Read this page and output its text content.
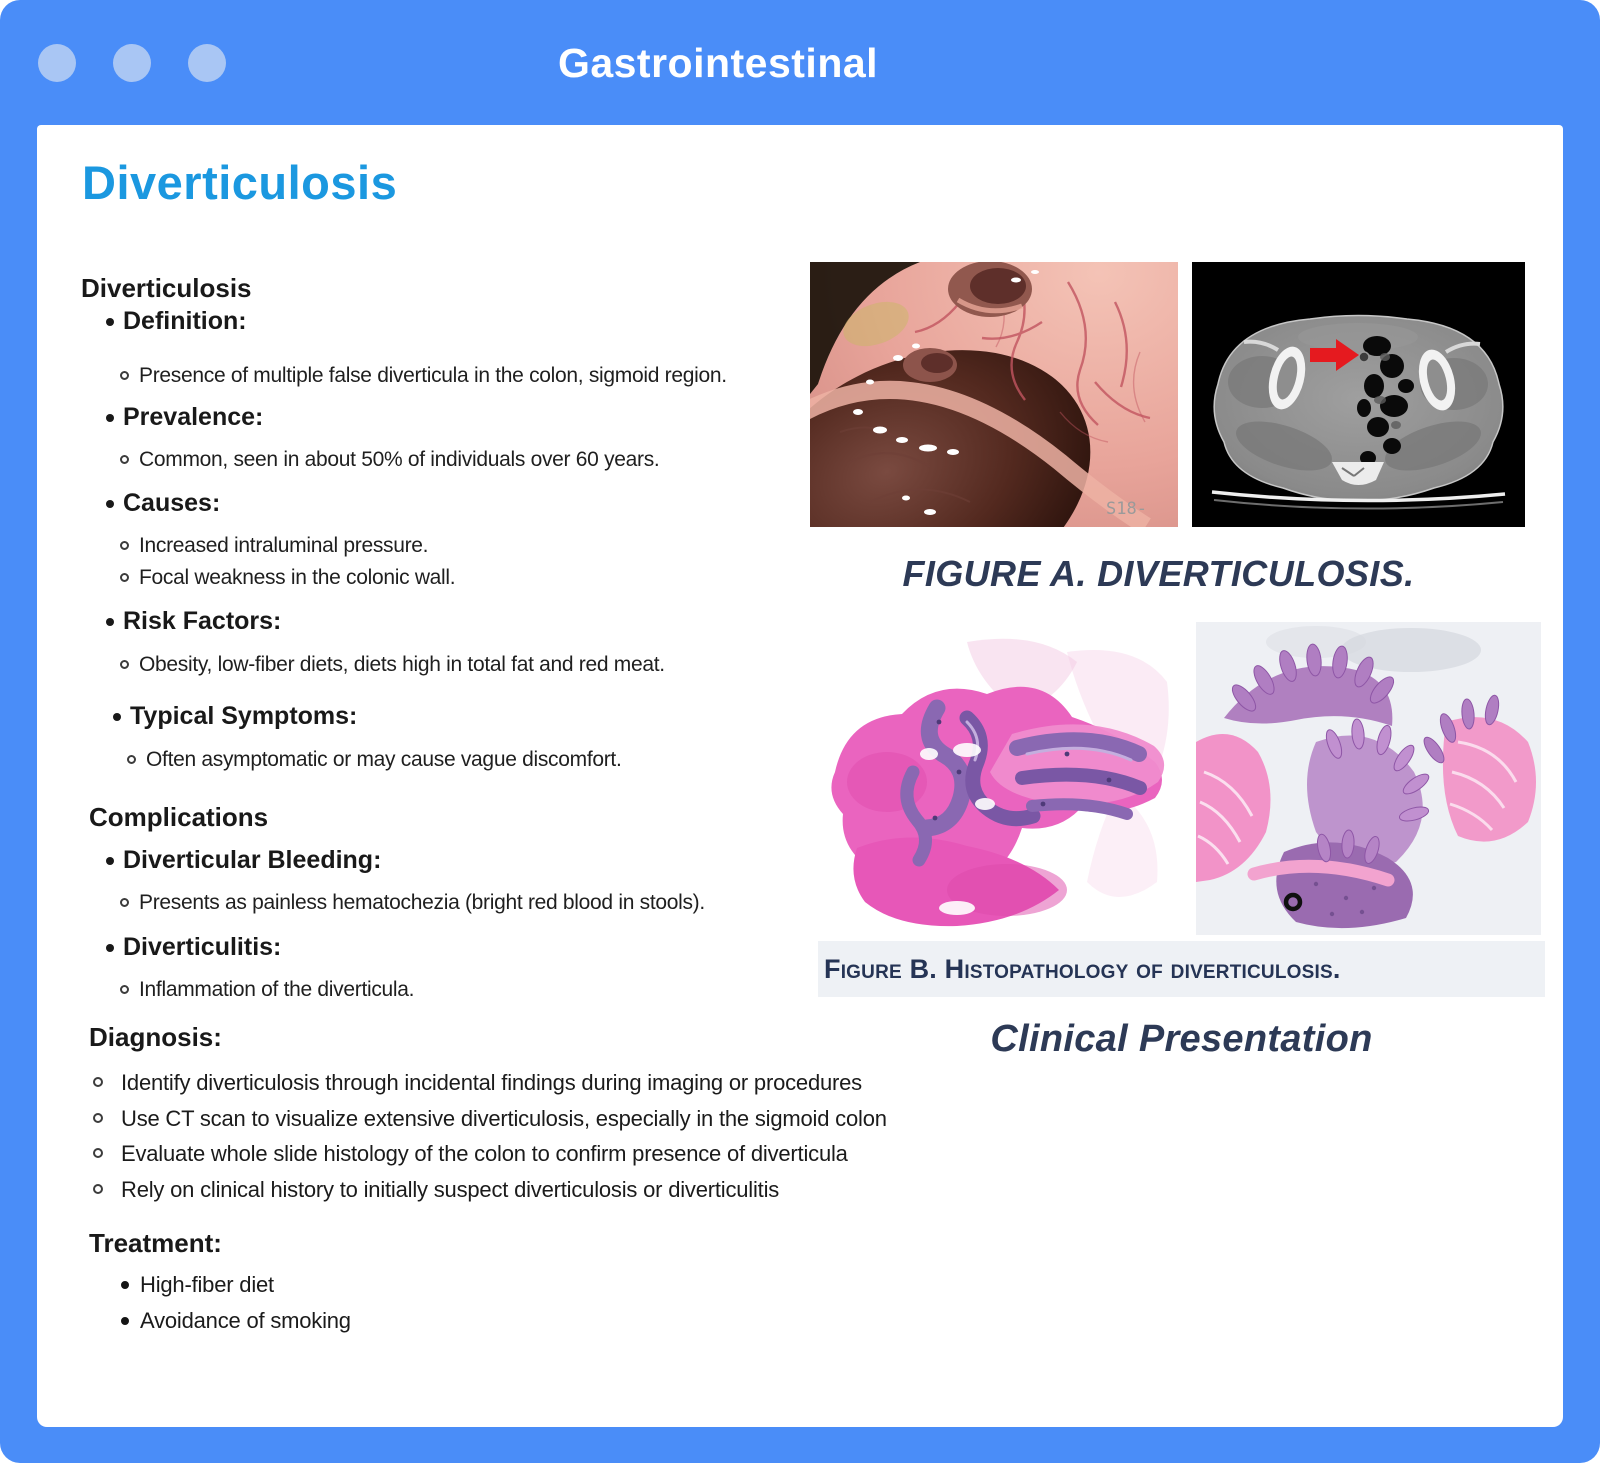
Gastrointestinal
Diverticulosis
Diverticulosis
Definition:
Presence of multiple false diverticula in the colon, sigmoid region.
Prevalence:
Common, seen in about 50% of individuals over 60 years.
Causes:
Increased intraluminal pressure.
Focal weakness in the colonic wall.
Risk Factors:
Obesity, low-fiber diets, diets high in total fat and red meat.
Typical Symptoms:
Often asymptomatic or may cause vague discomfort.
Complications
Diverticular Bleeding:
Presents as painless hematochezia (bright red blood in stools).
Diverticulitis:
Inflammation of the diverticula.
Diagnosis:
Identify diverticulosis through incidental findings during imaging or procedures
Use CT scan to visualize extensive diverticulosis, especially in the sigmoid colon
Evaluate whole slide histology of the colon to confirm presence of diverticula
Rely on clinical history to initially suspect diverticulosis or diverticulitis
Treatment:
High-fiber diet
Avoidance of smoking
S18-
FIGURE A. DIVERTICULOSIS.
Figure B. Histopathology of diverticulosis.
Clinical Presentation
